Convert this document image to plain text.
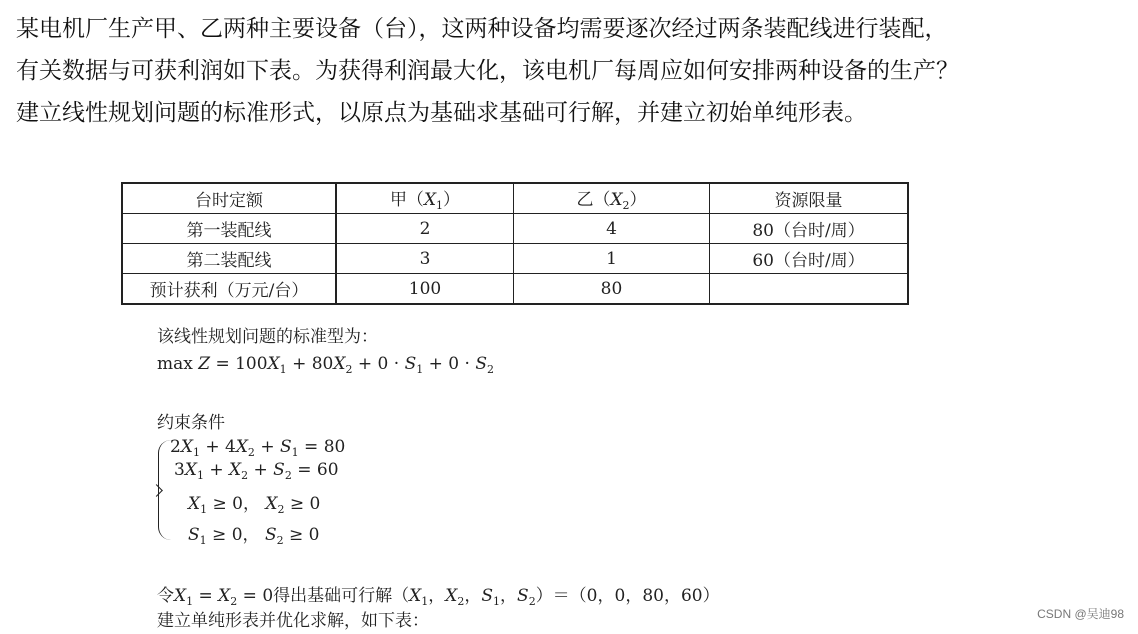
某电机厂生产甲、乙两种主要设备（台），这两种设备均需要逐次经过两条装配线进行装配，
有关数据与可获利润如下表。为获得利润最大化，该电机厂每周应如何安排两种设备的生产？
建立线性规划问题的标准形式，以原点为基础求基础可行解，并建立初始单纯形表。
台时定额	甲$(X_1)$	乙$(X_2)$	资源限量
第一装配线	2	4	80（台时/周）
第二装配线	3	1	60（台时/周）
预计获利（万元/台）	100	80	
该线性规划问题的标准型为：
$\max Z = 100X_1 + 80X_2 + 0 \cdot S_1 + 0 \cdot S_2$
约束条件
$2X_1 + 4X_2 + S_1 = 80$
$3X_1 + X_2 + S_2 = 60$
$X_1 \ge 0$， $X_2 \ge 0$
$S_1 \ge 0$， $S_2 \ge 0$
令$X_1 = X_2 = 0$得出基础可行解（$X_1$，$X_2$，$S_1$，$S_2)=(0$，0，80，60）
建立单纯形表并优化求解，如下表：	CSDN @吴迪98
